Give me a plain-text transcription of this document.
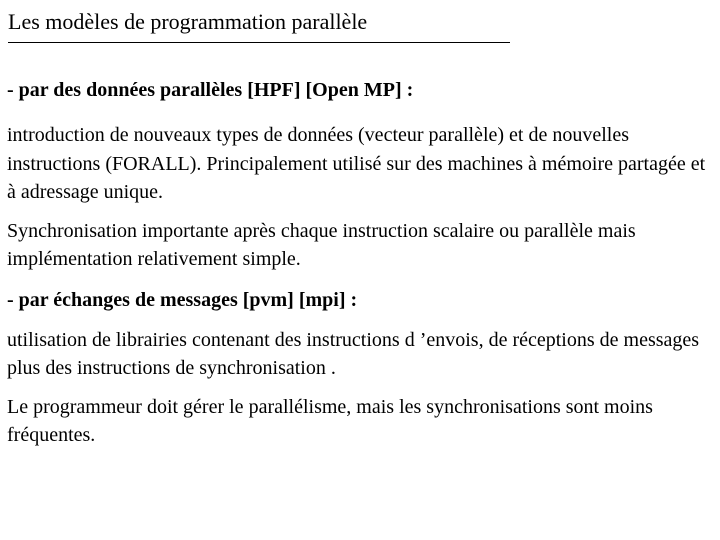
Les modèles de programmation parallèle

- par des données parallèles [HPF] [Open MP] :

introduction de nouveaux types de données (vecteur parallèle) et de nouvelles instructions (FORALL). Principalement utilisé sur des machines à mémoire partagée et à adressage unique.

Synchronisation importante après chaque instruction scalaire ou parallèle mais implémentation relativement simple.

- par échanges de messages [pvm] [mpi] :

utilisation de librairies contenant des instructions d ’envois, de réceptions de messages plus des instructions de synchronisation .

Le programmeur doit gérer le parallélisme, mais les synchronisations sont moins fréquentes.
